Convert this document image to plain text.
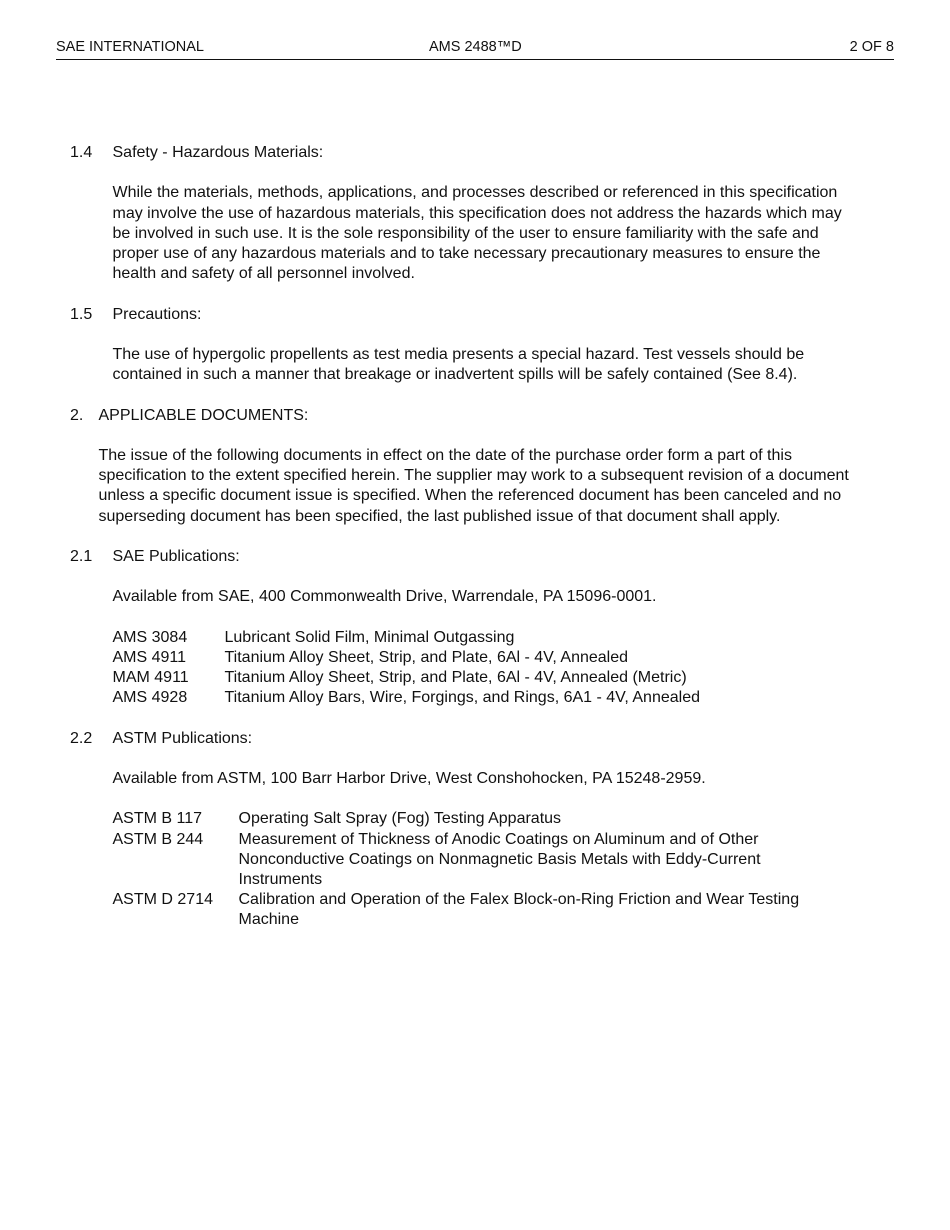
SAE INTERNATIONAL	AMS 2488™D	2 OF 8
1.4	Safety - Hazardous Materials:
While the materials, methods, applications, and processes described or referenced in this specification may involve the use of hazardous materials, this specification does not address the hazards which may be involved in such use. It is the sole responsibility of the user to ensure familiarity with the safe and proper use of any hazardous materials and to take necessary precautionary measures to ensure the health and safety of all personnel involved.
1.5	Precautions:
The use of hypergolic propellents as test media presents a special hazard. Test vessels should be contained in such a manner that breakage or inadvertent spills will be safely contained (See 8.4).
2. APPLICABLE DOCUMENTS:
The issue of the following documents in effect on the date of the purchase order form a part of this specification to the extent specified herein. The supplier may work to a subsequent revision of a document unless a specific document issue is specified. When the referenced document has been canceled and no superseding document has been specified, the last published issue of that document shall apply.
2.1	SAE Publications:
Available from SAE, 400 Commonwealth Drive, Warrendale, PA 15096-0001.
AMS 3084	Lubricant Solid Film, Minimal Outgassing
AMS 4911	Titanium Alloy Sheet, Strip, and Plate, 6Al - 4V, Annealed
MAM 4911	Titanium Alloy Sheet, Strip, and Plate, 6Al - 4V, Annealed (Metric)
AMS 4928	Titanium Alloy Bars, Wire, Forgings, and Rings, 6A1 - 4V, Annealed
2.2	ASTM Publications:
Available from ASTM, 100 Barr Harbor Drive, West Conshohocken, PA 15248-2959.
ASTM B 117	Operating Salt Spray (Fog) Testing Apparatus
ASTM B 244	Measurement of Thickness of Anodic Coatings on Aluminum and of Other Nonconductive Coatings on Nonmagnetic Basis Metals with Eddy-Current Instruments
ASTM D 2714	Calibration and Operation of the Falex Block-on-Ring Friction and Wear Testing Machine
